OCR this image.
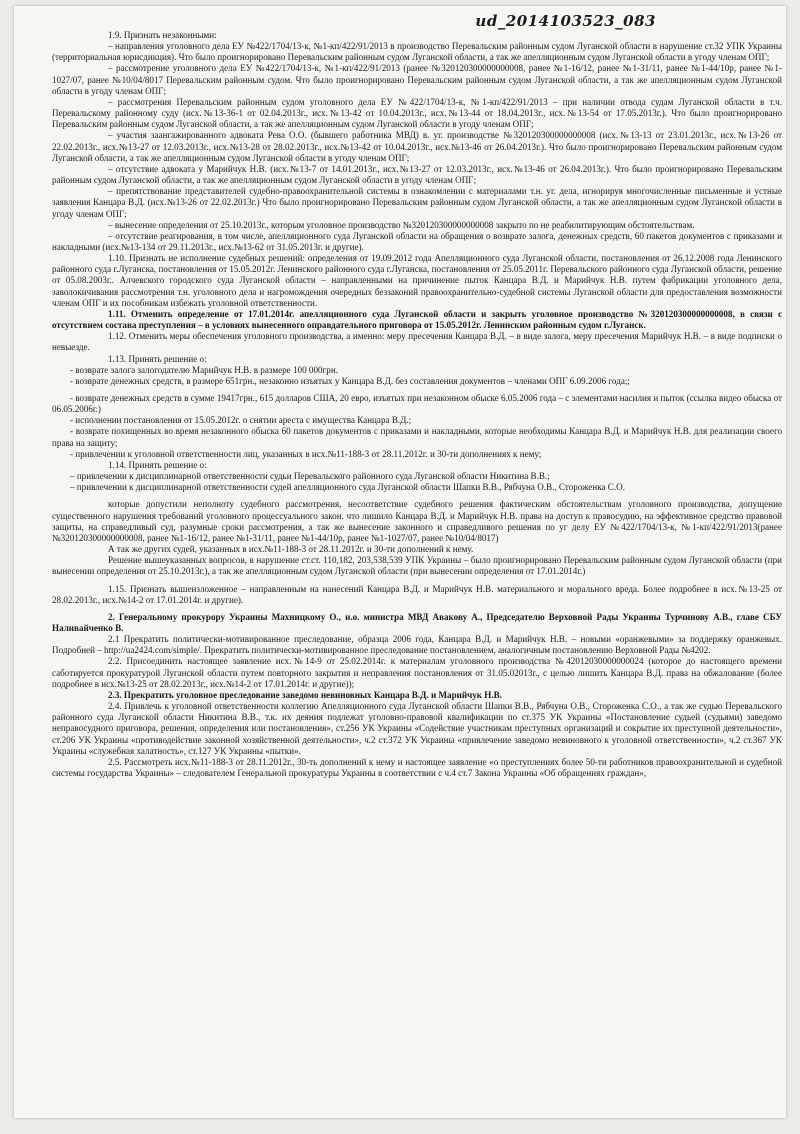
ud_2014103523_083

1.9. Признать незаконными:

– направления уголовного дела ЕУ №422/1704/13-к, №1-кп/422/91/2013 в производство Перевальским районным судом Луганской области в нарушение ст.32 УПК Украины (территориальная юрисдикция). Что было проигнорировано Перевальским районным судом Луганской области, а так же апелляционным судом Луганской области в угоду членам ОПГ;

– рассмотрение уголовного дела ЕУ №422/1704/13-к, №1-кп/422/91/2013 (ранее №320120300000000008, ранее №1-16/12, ранее №1-31/11, ранее №1-44/10р, ранее №1-1027/07, ранее №10/04/8017 Перевальским районным судом. Что было проигнорировано Перевальским районным судом Луганской области, а так же апелляционным судом Луганской области в угоду членам ОПГ;

– рассмотрения Перевальским районным судом уголовного дела ЕУ №422/1704/13-к, №1-кп/422/91/2013 – при наличии отвода судам Луганской области в т.ч. Перевальскому районному суду (исх.№13-36-1 от 02.04.2013г., исх.№13-42 от 10.04.2013г., исх.№13-44 от 18.04.2013г., исх.№13-54 от 17.05.2013г.). Что было проигнорировано Перевальским районным судом Луганской области, а так же апелляционным судом Луганской области в угоду членам ОПГ;

– участия заангажированного адвоката Рева О.О. (бывшего работника МВД) в. уг. производстве №320120300000000008 (исх.№13-13 от 23.01.2013г., исх.№13-26 от 22.02.2013г., исх.№13-27 от 12.03.2013г., исх.№13-28 от 28.02.2013г., исх.№13-42 от 10.04.2013г., исх.№13-46 от 26.04.2013г.). Что было проигнорировано Перевальским районным судом Луганской области, а так же апелляционным судом Луганской области в угоду членам ОПГ;

– отсутствие адвоката у Марийчук Н.В. (исх.№13-7 от 14.01.2013г., исх.№13-27 от 12.03.2013г., исх.№13-46 от 26.04.2013г.). Что было проигнорировано Перевальским районным судом Луганской области, а так же апелляционным судом Луганской области в угоду членам ОПГ;

– препятствование представителей судебно-правоохранительной системы в ознакомлении с материалами т.н. уг. дела, игнорируя многочисленные письменные и устные заявления Канцара В.Д. (исх.№13-26 от 22.02.2013г.) Что было проигнорировано Перевальским районным судом Луганской области, а так же апелляционным судом Луганской области в угоду членам ОПГ;

– вынесение определения от 25.10.2013г., которым уголовное производство №320120300000000008 закрыто по не реабилитирующим обстоятельствам.

– отсутствие реагирования, в том числе, апелляционного суда Луганской области на обращения о возврате залога, денежных средств, 60 пакетов документов с приказами и накладными (исх.№13-134 от 29.11.2013г., исх.№13-62 от 31.05.2013г. и другие).

1.10. Признать не исполнение судебных решений: определения от 19.09.2012 года Апелляционного суда Луганской области, постановления от 26.12.2008 года Ленинского районного суда г.Луганска, постановления от 15.05.2012г. Ленинского районного суда г.Луганска, постановления от 25.05.2011г. Перевальского районного суда Луганской области, решение от 05.08.2003г.. Алчевского городского суда Луганской области – направленными на причинение пыток Канцара В.Д. и Марийчук Н.В. путем фабрикации уголовного дела, заволокичивания рассмотрения т.н. уголовного дела и нагромождения очередных беззаконий правоохранительно-судебной системы Луганской области для предоставления возможности членам ОПГ и их пособникам избежать уголовной ответственности.

1.11. Отменить определение от 17.01.2014г. апелляционного суда Луганской области и закрыть уголовное производство №320120300000000008, в связи с отсутствием состава преступления – в условиях вынесенного оправдательного приговора от 15.05.2012г. Ленинским районным судом г.Луганск.

1.12. Отменить меры обеспечения уголовного производства, а именно: меру пресечения Канцара В.Д. – в виде залога, меру пресечения Марийчук Н.В. – в виде подписки о невыезде.

1.13. Принять решение о:

- возврате залога залогодателю Марийчук Н.В. в размере 100 000грн.

- возврате денежных средств, в размере 651грн., незаконно изъятых у Канцара В.Д. без составления документов – членами ОПГ 6.09.2006 года;;

- возврате денежных средств в сумме 19417грн., 615 долларов США, 20 евро, изъятых при незаконном обыске 6.05.2006 года – с элементами насилия и пыток (ссылка видео обыска от 06.05.2006г.)

- исполнении постановления от 15.05.2012г. о снятии ареста с имущества Канцара В.Д.;

- возврате похищенных во время незаконного обыска 60 пакетов документов с приказами и накладными, которые необходимы Канцара В.Д. и Марийчук Н.В. для реализации своего права на защиту;

- привлечении к уголовной ответственности лиц, указанных в исх.№11-188-3 от 28.11.2012г. и 30-ти дополнениях к нему;

1.14. Принять решение о:

– привлечении к дисциплинарной ответственности судьи Перевальского районного суда Луганской области Никитина В.В.;

– привлечении к дисциплинарной ответственности судей апелляционного суда Луганской области Шапки В.В., Рябчуна О.В., Стороженка С.О.

которые допустили неполноту судебного рассмотрения, несоответствие судебного решения фактическим обстоятельствам уголовного производства, допущение существенного нарушения требований уголовного процессуального закон. что лишило Канцара В.Д. и Марийчук Н.В. права на доступ к правосудию, на эффективное средство правовой защиты, на справедливый суд, разумные сроки рассмотрения, а так же вынесение законного и справедливого решения по уг делу ЕУ №422/1704/13-к, №1-кп/422/91/2013(ранее №320120300000000008, ранее №1-16/12, ранее №1-31/11, ранее №1-44/10р, ранее №1-1027/07, ранее №10/04/8017)

А так же других судей, указанных в исх.№11-188-3 от 28.11.2012г. и 30-ти дополнений к нему.

Решение вышеуказанных вопросов, в нарушение ст.ст. 110,182, 203,538,539 УПК Украины – было проигнорировано Перевальским районным судом Луганской области (при вынесении определения от 25.10.2013г.), а так же апелляционным судом Луганской области (при вынесении определения от 17.01.2014г.)

1.15. Признать вышеизложенное – направленным на нанесений Канцара В.Д. и Марийчук Н.В. материального и морального вреда. Более подробнее в исх.№13-25 от 28.02.2013г., исх.№14-2 от 17.01.2014г. и другие).

2. Генеральному прокурору Украины Махницкому О., и.о. министра МВД Авакову А., Председателю Верховной Рады Украины Турчинову А.В., главе СБУ Наливайченко В.

2.1 Прекратить политически-мотивированное преследование, образца 2006 года, Канцара В.Д. и Марийчук Н.В. – новыми «оранжевыми» за поддержку оранжевых. Подробней – http://ua2424.com/simple/. Прекратить политически-мотивированное преследование постановлением, аналогичным постановлению Верховной Рады №4202.

2.2. Присоединить настоящее заявление исх.№14-9 от 25.02.2014г. к материалам уголовного производства №42012030000000024 (которое до настоящего времени саботируется прокуратурой Луганской области путем повторного закрытия и неправления постановления от 31.05.02013г., с целью лишить Канцара В.Д. права на обжалование (более подробнее в исх.№13-25 от 28.02.2013г., исх.№14-2 от 17.01.2014г. и другие));

2.3. Прекратить уголовное преследование заведомо невиновных Канцара В.Д. и Марийчук Н.В.

2.4. Привлечь к уголовной ответственности коллегию Апелляционного суда Луганской области Шапки В.В., Рябчуна О.В., Стороженка С.О., а так же судью Перевальского районного суда Луганской области Никитина В.В., т.к. их деяния подлежат уголовно-правовой квалификации по ст.375 УК Украины «Постановление судьей (судьями) заведомо неправосудного приговора, решения, определения или постановления», ст.256 УК Украины «Содействие участникам преступных организаций и сокрытие их преступной деятельности», ст.206 УК Украины «противодействие законной хозяйственной деятельности», ч.2 ст.372 УК Украины «привлечение заведомо невиновного к уголовной ответственности», ч.2 ст.367 УК Украины «служебная халатность», ст.127 УК Украины «пытки».

2.5. Рассмотреть исх.№11-188-3 от 28.11.2012г., 30-ть дополнений к нему и настоящее заявление «о преступлениях более 50-ти работников правоохранительной и судебной системы государства Украины» – следователем Генеральной прокуратуры Украины в соответствии с ч.4 ст.7 Закона Украины «Об обращениях граждан»,
